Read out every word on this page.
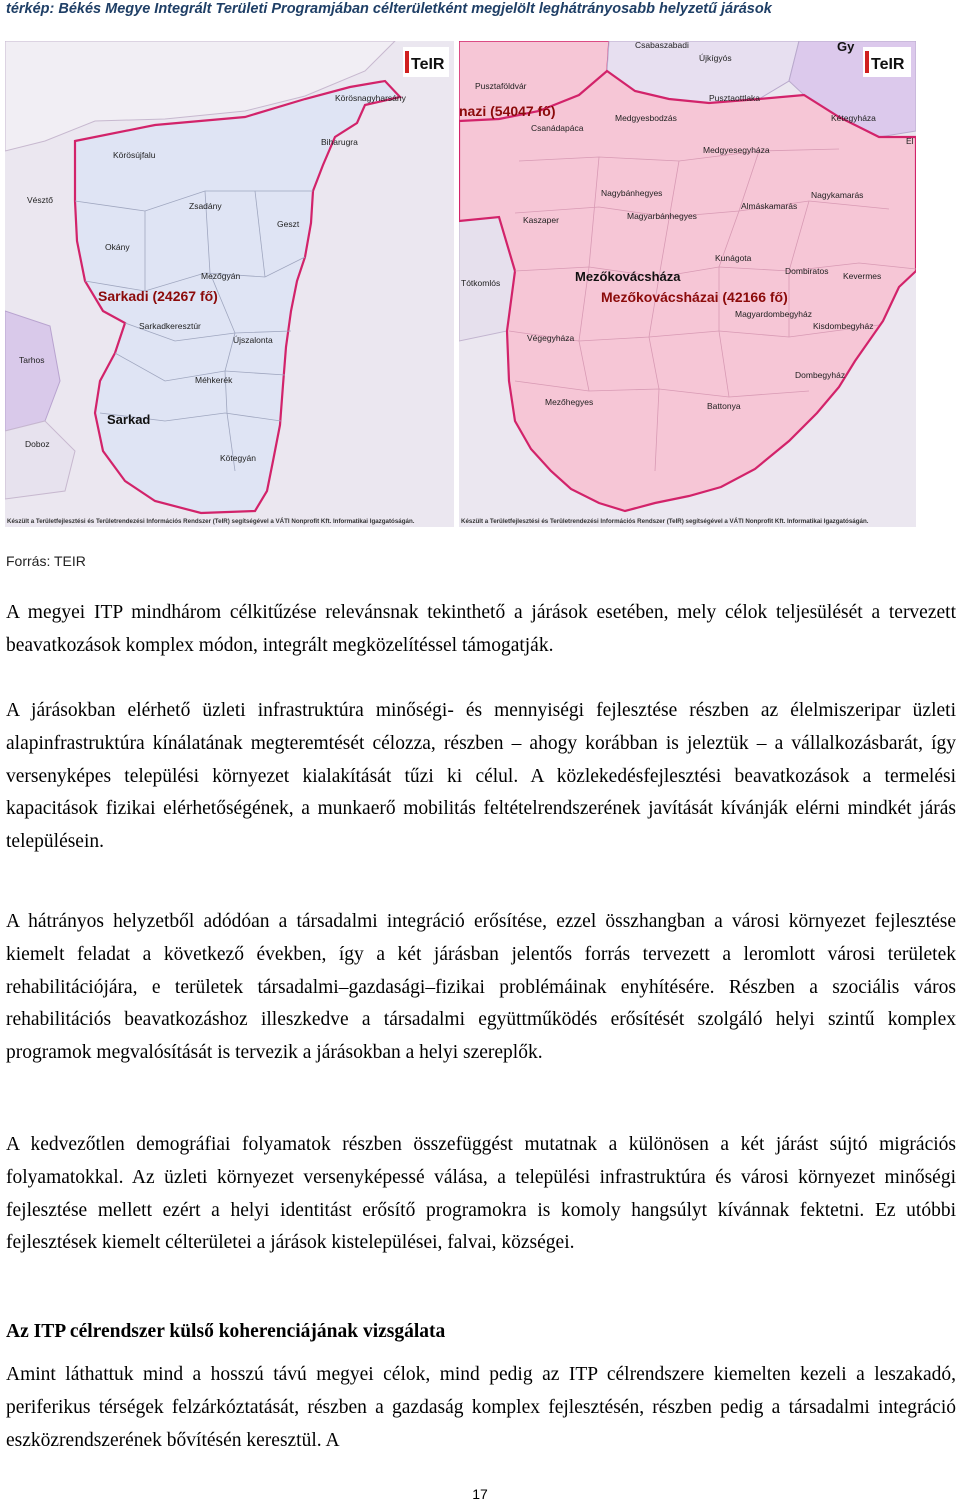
térkép: Békés Megye Integrált Területi Programjában célterületként megjelölt leghátrányosabb helyzetű járások
TeIR
Körösnagyharsány
Körösújfalu
Biharugra
Vésztő
Zsadány
Geszt
Okány
Mezőgyán
Sarkadkeresztúr
Újszalonta
Tarhos
Méhkerék
Doboz
Kötegyán
Sarkadi (24267 fő)
Sarkad
Készült a Területfejlesztési és Területrendezési Információs Rendszer (TeIR) segítségével a VÁTI Nonprofit Kft. Informatikai Igazgatóságán.
TeIR
Gy
nazi (54047 fő)
Csabaszabadi
Újkígyós
Pusztaföldvár
Pusztaottlaka
Csanádapáca
Medgyesbodzás	Kétegyháza
Medgyesegyháza
El
Nagybánhegyes	Nagykamarás
Almáskamarás
Kaszaper	Magyarbánhegyes
Kunágota
Dombiratos Kevermes
Tótkomlós
Magyardombegyház
Kisdombegyház
Végegyháza
Dombegyház
Mezőhegyes	Battonya
Mezőkovácsháza
Mezőkovácsházai (42166 fő)
Készült a Területfejlesztési és Területrendezési Információs Rendszer (TeIR) segítségével a VÁTI Nonprofit Kft. Informatikai Igazgatóságán.
Forrás: TEIR

A megyei ITP mindhárom célkitűzése relevánsnak tekinthető a járások esetében, mely célok teljesülését a tervezett beavatkozások komplex módon, integrált megközelítéssel támogatják.

A járásokban elérhető üzleti infrastruktúra minőségi- és mennyiségi fejlesztése részben az élelmiszeripar üzleti alapinfrastruktúra kínálatának megteremtését célozza, részben – ahogy korábban is jeleztük – a vállalkozásbarát, így versenyképes települési környezet kialakítását tűzi ki célul. A közlekedésfejlesztési beavatkozások a termelési kapacitások fizikai elérhetőségének, a munkaerő mobilitás feltételrendszerének javítását kívánják elérni mindkét járás településein.

A hátrányos helyzetből adódóan a társadalmi integráció erősítése, ezzel összhangban a városi környezet fejlesztése kiemelt feladat a következő években, így a két járásban jelentős forrás tervezett a leromlott városi területek rehabilitációjára, e területek társadalmi–gazdasági–fizikai problémáinak enyhítésére. Részben a szociális város rehabilitációs beavatkozáshoz illeszkedve a társadalmi együttműködés erősítését szolgáló helyi szintű komplex programok megvalósítását is tervezik a járásokban a helyi szereplők.

A kedvezőtlen demográfiai folyamatok részben összefüggést mutatnak a különösen a két járást sújtó migrációs folyamatokkal. Az üzleti környezet versenyképessé válása, a települési infrastruktúra és városi környezet minőségi fejlesztése mellett ezért a helyi identitást erősítő programokra is komoly hangsúlyt kívánnak fektetni. Ez utóbbi fejlesztések kiemelt célterületei a járások kistelepülései, falvai, községei.

Az ITP célrendszer külső koherenciájának vizsgálata

Amint láthattuk mind a hosszú távú megyei célok, mind pedig az ITP célrendszere kiemelten kezeli a leszakadó, periferikus térségek felzárkóztatását, részben a gazdaság komplex fejlesztésén, részben pedig a társadalmi integráció eszközrendszerének bővítésén keresztül. A

17
